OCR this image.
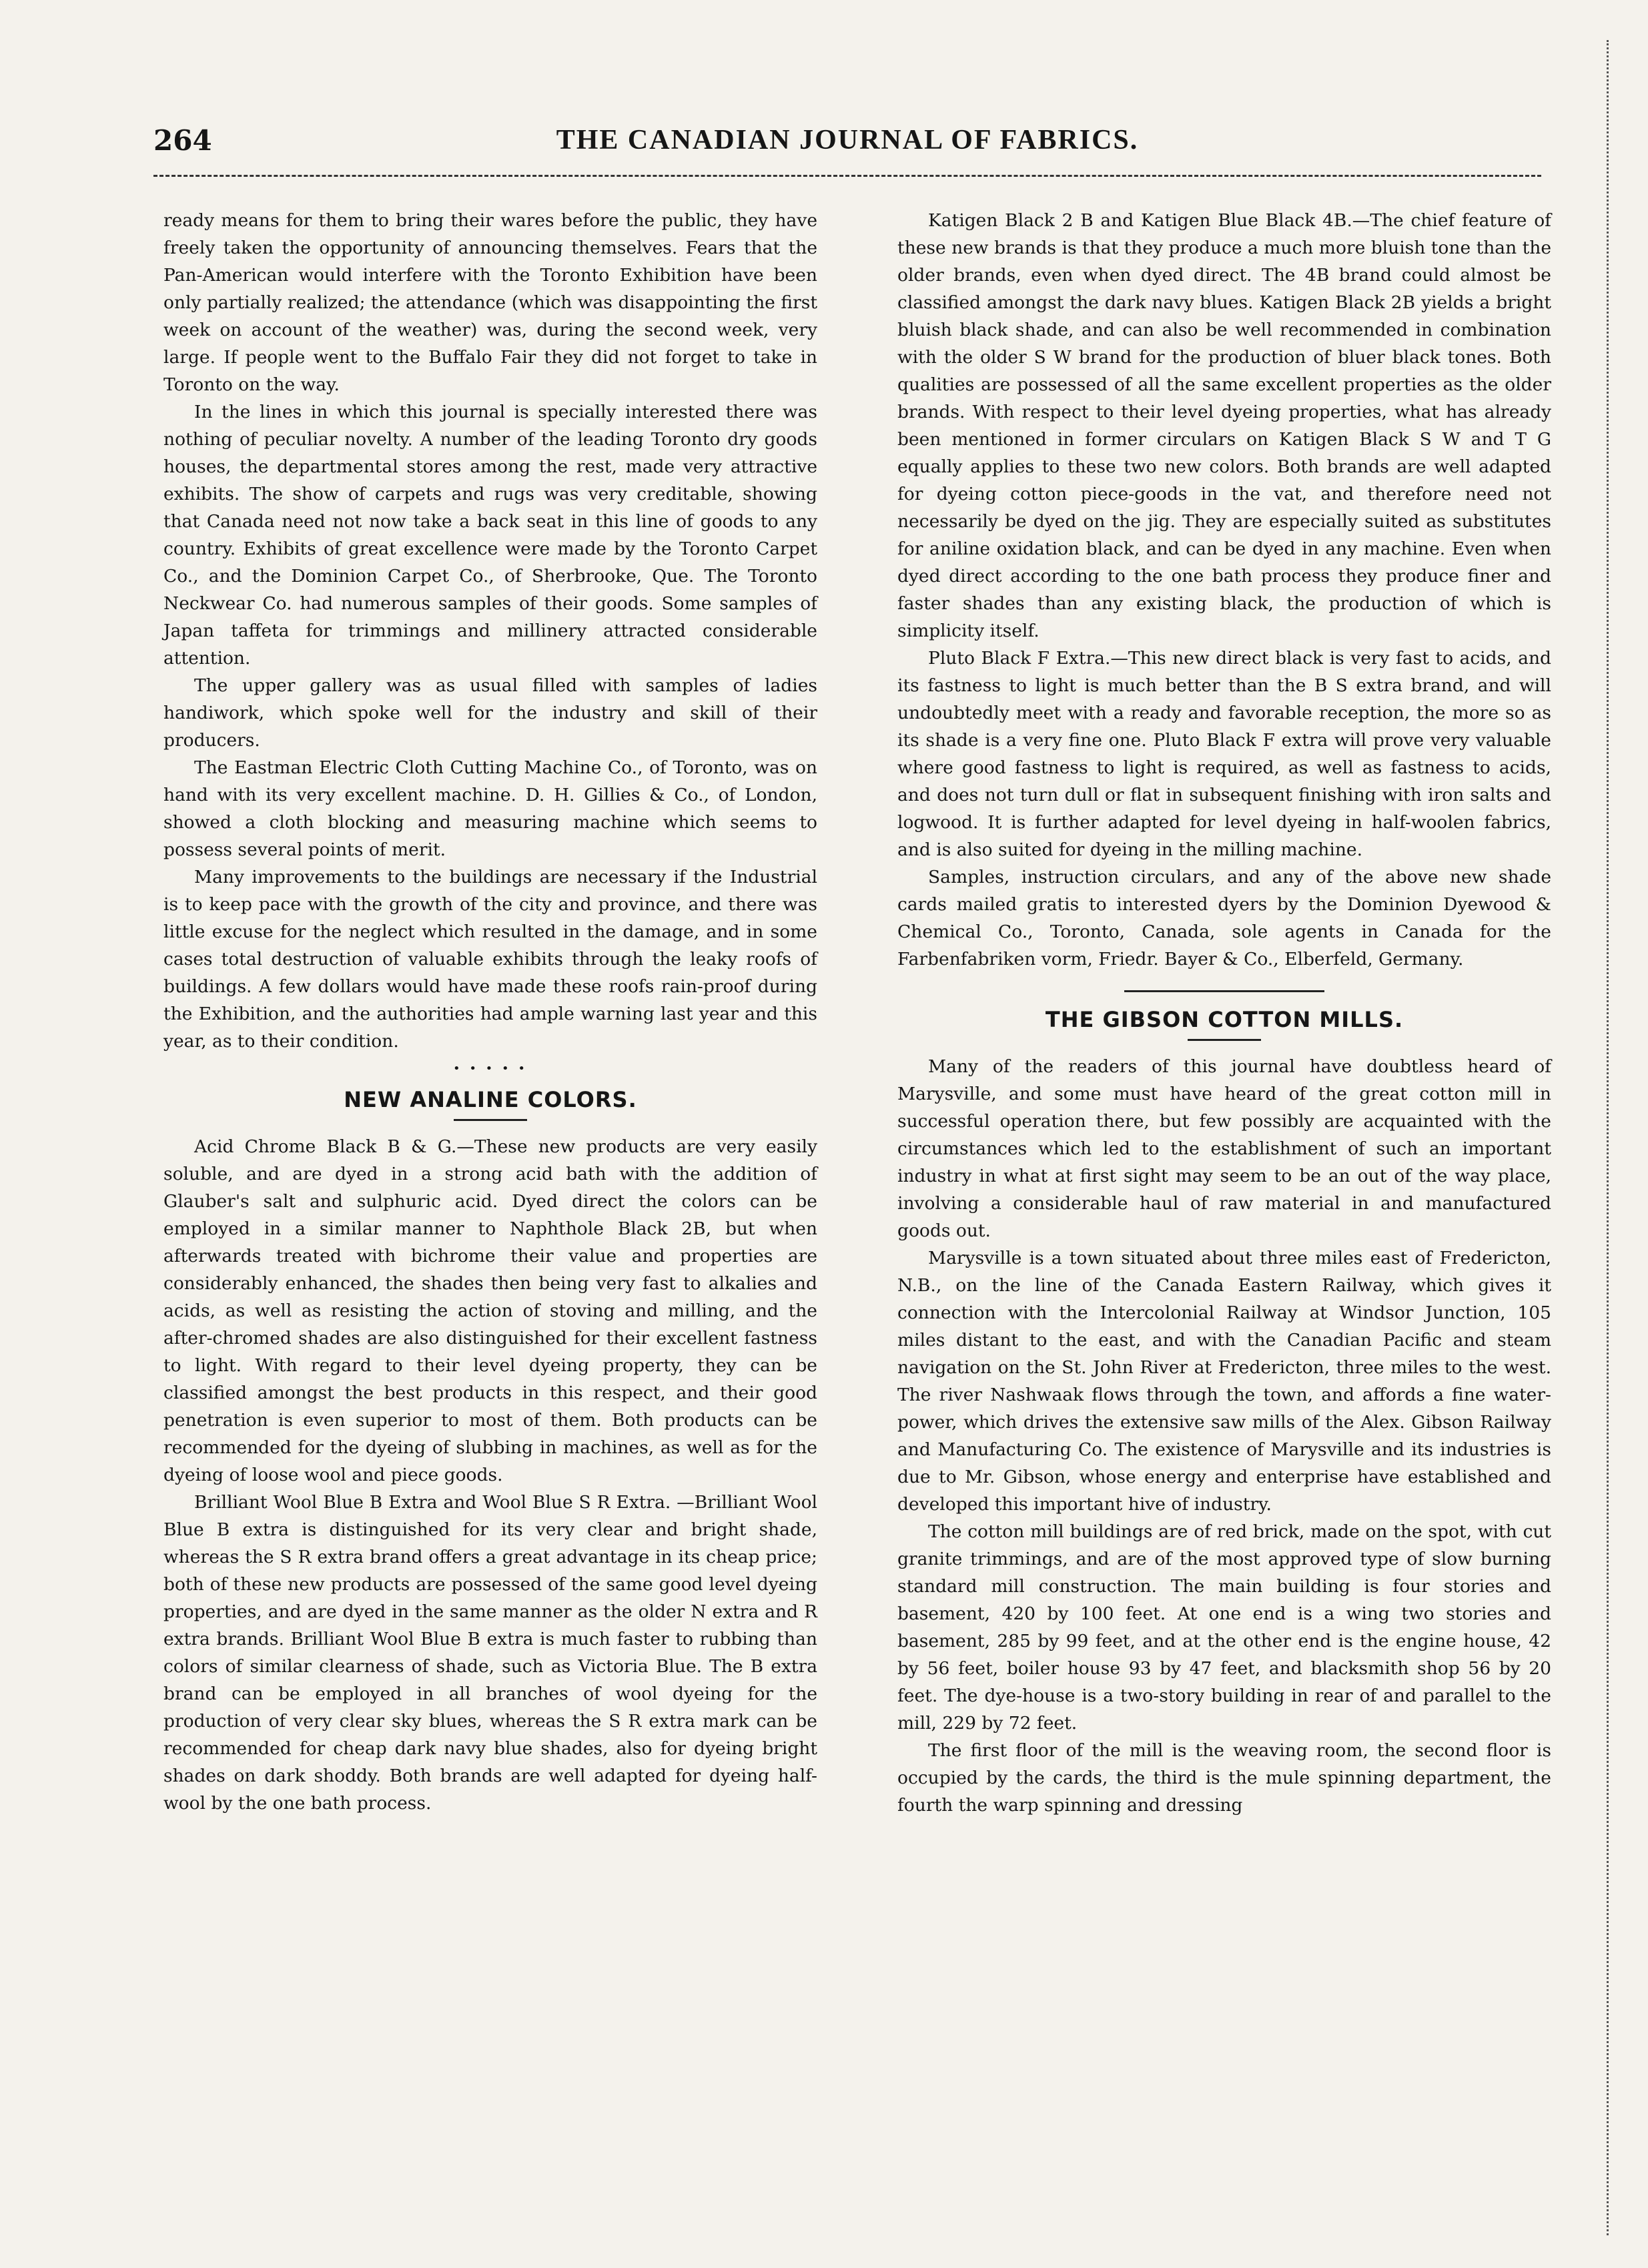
264	THE CANADIAN JOURNAL OF FABRICS.

ready means for them to bring their wares before the public, they have freely taken the opportunity of announcing themselves. Fears that the Pan-American would interfere with the Toronto Exhibition have been only partially realized; the attendance (which was disappointing the first week on account of the weather) was, during the second week, very large. If people went to the Buffalo Fair they did not forget to take in Toronto on the way.

In the lines in which this journal is specially interested there was nothing of peculiar novelty. A number of the leading Toronto dry goods houses, the departmental stores among the rest, made very attractive exhibits. The show of carpets and rugs was very creditable, showing that Canada need not now take a back seat in this line of goods to any country. Exhibits of great excellence were made by the Toronto Carpet Co., and the Dominion Carpet Co., of Sherbrooke, Que. The Toronto Neckwear Co. had numerous samples of their goods. Some samples of Japan taffeta for trimmings and millinery attracted considerable attention.

The upper gallery was as usual filled with samples of ladies handiwork, which spoke well for the industry and skill of their producers.

The Eastman Electric Cloth Cutting Machine Co., of Toronto, was on hand with its very excellent machine. D. H. Gillies & Co., of London, showed a cloth blocking and measuring machine which seems to possess several points of merit.

Many improvements to the buildings are necessary if the Industrial is to keep pace with the growth of the city and province, and there was little excuse for the neglect which resulted in the damage, and in some cases total destruction of valuable exhibits through the leaky roofs of buildings. A few dollars would have made these roofs rain-proof during the Exhibition, and the authorities had ample warning last year and this year, as to their condition.

• • • • •
NEW ANALINE COLORS.

Acid Chrome Black B & G.—These new products are very easily soluble, and are dyed in a strong acid bath with the addition of Glauber's salt and sulphuric acid. Dyed direct the colors can be employed in a similar manner to Naphthole Black 2B, but when afterwards treated with bichrome their value and properties are considerably enhanced, the shades then being very fast to alkalies and acids, as well as resisting the action of stoving and milling, and the after-chromed shades are also distinguished for their excellent fastness to light. With regard to their level dyeing property, they can be classified amongst the best products in this respect, and their good penetration is even superior to most of them. Both products can be recommended for the dyeing of slubbing in machines, as well as for the dyeing of loose wool and piece goods.

Brilliant Wool Blue B Extra and Wool Blue S R Extra. —Brilliant Wool Blue B extra is distinguished for its very clear and bright shade, whereas the S R extra brand offers a great advantage in its cheap price; both of these new products are possessed of the same good level dyeing properties, and are dyed in the same manner as the older N extra and R extra brands. Brilliant Wool Blue B extra is much faster to rubbing than colors of similar clearness of shade, such as Victoria Blue. The B extra brand can be employed in all branches of wool dyeing for the production of very clear sky blues, whereas the S R extra mark can be recommended for cheap dark navy blue shades, also for dyeing bright shades on dark shoddy. Both brands are well adapted for dyeing half-wool by the one bath process.

Katigen Black 2 B and Katigen Blue Black 4B.—The chief feature of these new brands is that they produce a much more bluish tone than the older brands, even when dyed direct. The 4B brand could almost be classified amongst the dark navy blues. Katigen Black 2B yields a bright bluish black shade, and can also be well recommended in combination with the older S W brand for the production of bluer black tones. Both qualities are possessed of all the same excellent properties as the older brands. With respect to their level dyeing properties, what has already been mentioned in former circulars on Katigen Black S W and T G equally applies to these two new colors. Both brands are well adapted for dyeing cotton piece-goods in the vat, and therefore need not necessarily be dyed on the jig. They are especially suited as substitutes for aniline oxidation black, and can be dyed in any machine. Even when dyed direct according to the one bath process they produce finer and faster shades than any existing black, the production of which is simplicity itself.

Pluto Black F Extra.—This new direct black is very fast to acids, and its fastness to light is much better than the B S extra brand, and will undoubtedly meet with a ready and favorable reception, the more so as its shade is a very fine one. Pluto Black F extra will prove very valuable where good fastness to light is required, as well as fastness to acids, and does not turn dull or flat in subsequent finishing with iron salts and logwood. It is further adapted for level dyeing in half-woolen fabrics, and is also suited for dyeing in the milling machine.

Samples, instruction circulars, and any of the above new shade cards mailed gratis to interested dyers by the Dominion Dyewood & Chemical Co., Toronto, Canada, sole agents in Canada for the Farbenfabriken vorm, Friedr. Bayer & Co., Elberfeld, Germany.

THE GIBSON COTTON MILLS.

Many of the readers of this journal have doubtless heard of Marysville, and some must have heard of the great cotton mill in successful operation there, but few possibly are acquainted with the circumstances which led to the establishment of such an important industry in what at first sight may seem to be an out of the way place, involving a considerable haul of raw material in and manufactured goods out.

Marysville is a town situated about three miles east of Fredericton, N.B., on the line of the Canada Eastern Railway, which gives it connection with the Intercolonial Railway at Windsor Junction, 105 miles distant to the east, and with the Canadian Pacific and steam navigation on the St. John River at Fredericton, three miles to the west. The river Nashwaak flows through the town, and affords a fine water-power, which drives the extensive saw mills of the Alex. Gibson Railway and Manufacturing Co. The existence of Marysville and its industries is due to Mr. Gibson, whose energy and enterprise have established and developed this important hive of industry.

The cotton mill buildings are of red brick, made on the spot, with cut granite trimmings, and are of the most approved type of slow burning standard mill construction. The main building is four stories and basement, 420 by 100 feet. At one end is a wing two stories and basement, 285 by 99 feet, and at the other end is the engine house, 42 by 56 feet, boiler house 93 by 47 feet, and blacksmith shop 56 by 20 feet. The dye-house is a two-story building in rear of and parallel to the mill, 229 by 72 feet.

The first floor of the mill is the weaving room, the second floor is occupied by the cards, the third is the mule spinning department, the fourth the warp spinning and dressing
